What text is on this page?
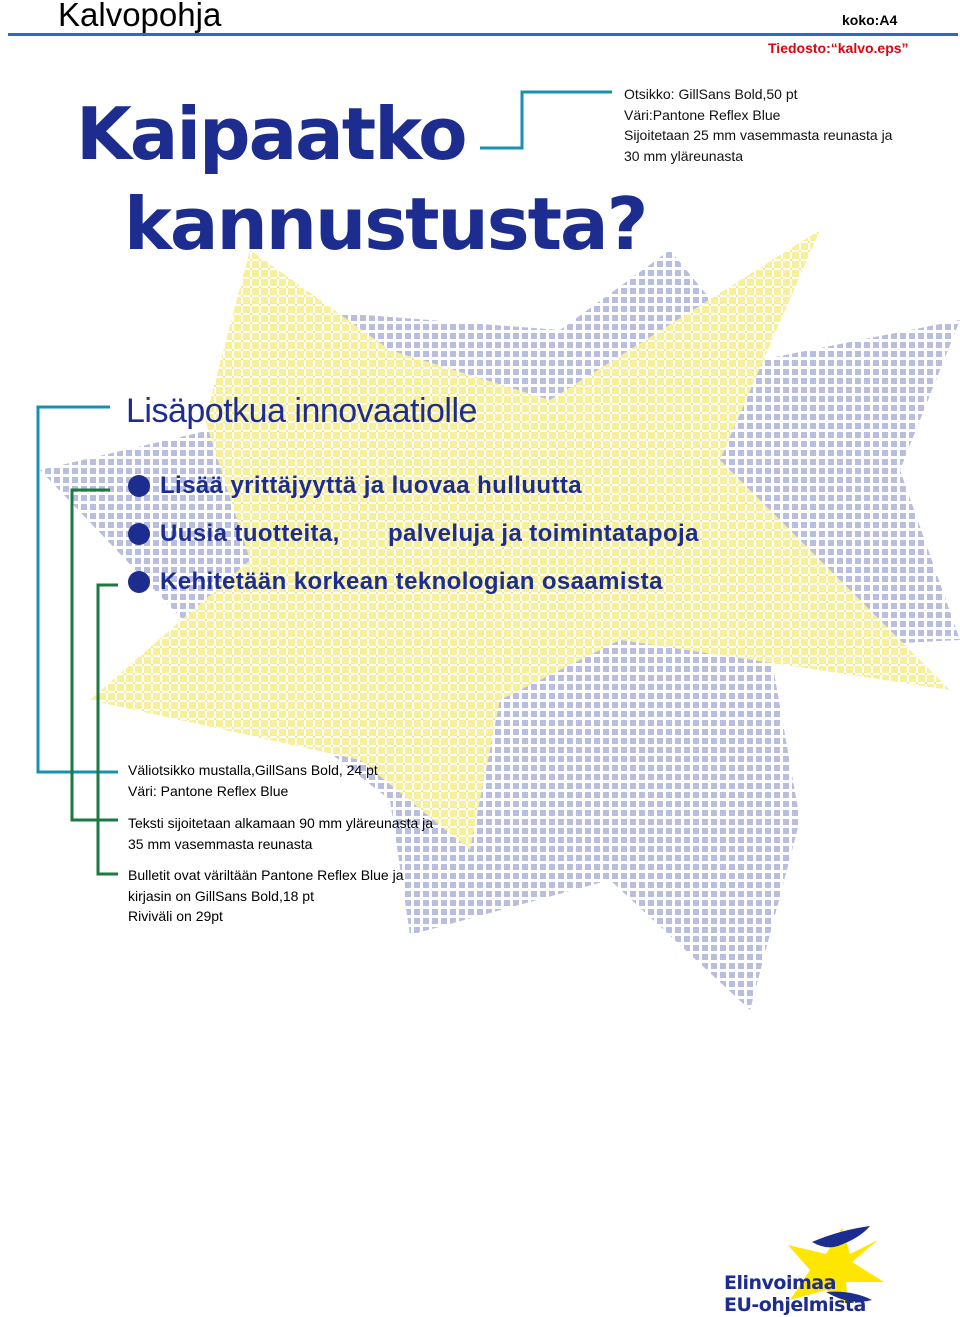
Kalvopohja	koko:A4
Tiedosto:“kalvo.eps”
Otsikko: GillSans Bold,50 pt
Väri:Pantone Reflex Blue
Sijoitetaan 25 mm vasemmasta reunasta ja
30 mm yläreunasta
Kaipaatko
kannustusta?
Lisäpotkua innovaatiolle
Lisää yrittäjyyttä ja luovaa hulluutta
Uusia tuotteita, palveluja ja toimintatapoja
Kehitetään korkean teknologian osaamista
Väliotsikko mustalla,GillSans Bold, 24 pt
Väri: Pantone Reflex Blue
Teksti sijoitetaan alkamaan 90 mm yläreunasta ja
35 mm vasemmasta reunasta
Bulletit ovat väriltään Pantone Reflex Blue ja
kirjasin on GillSans Bold,18 pt
Riviväli on 29pt
Elinvoimaa
EU-ohjelmista
